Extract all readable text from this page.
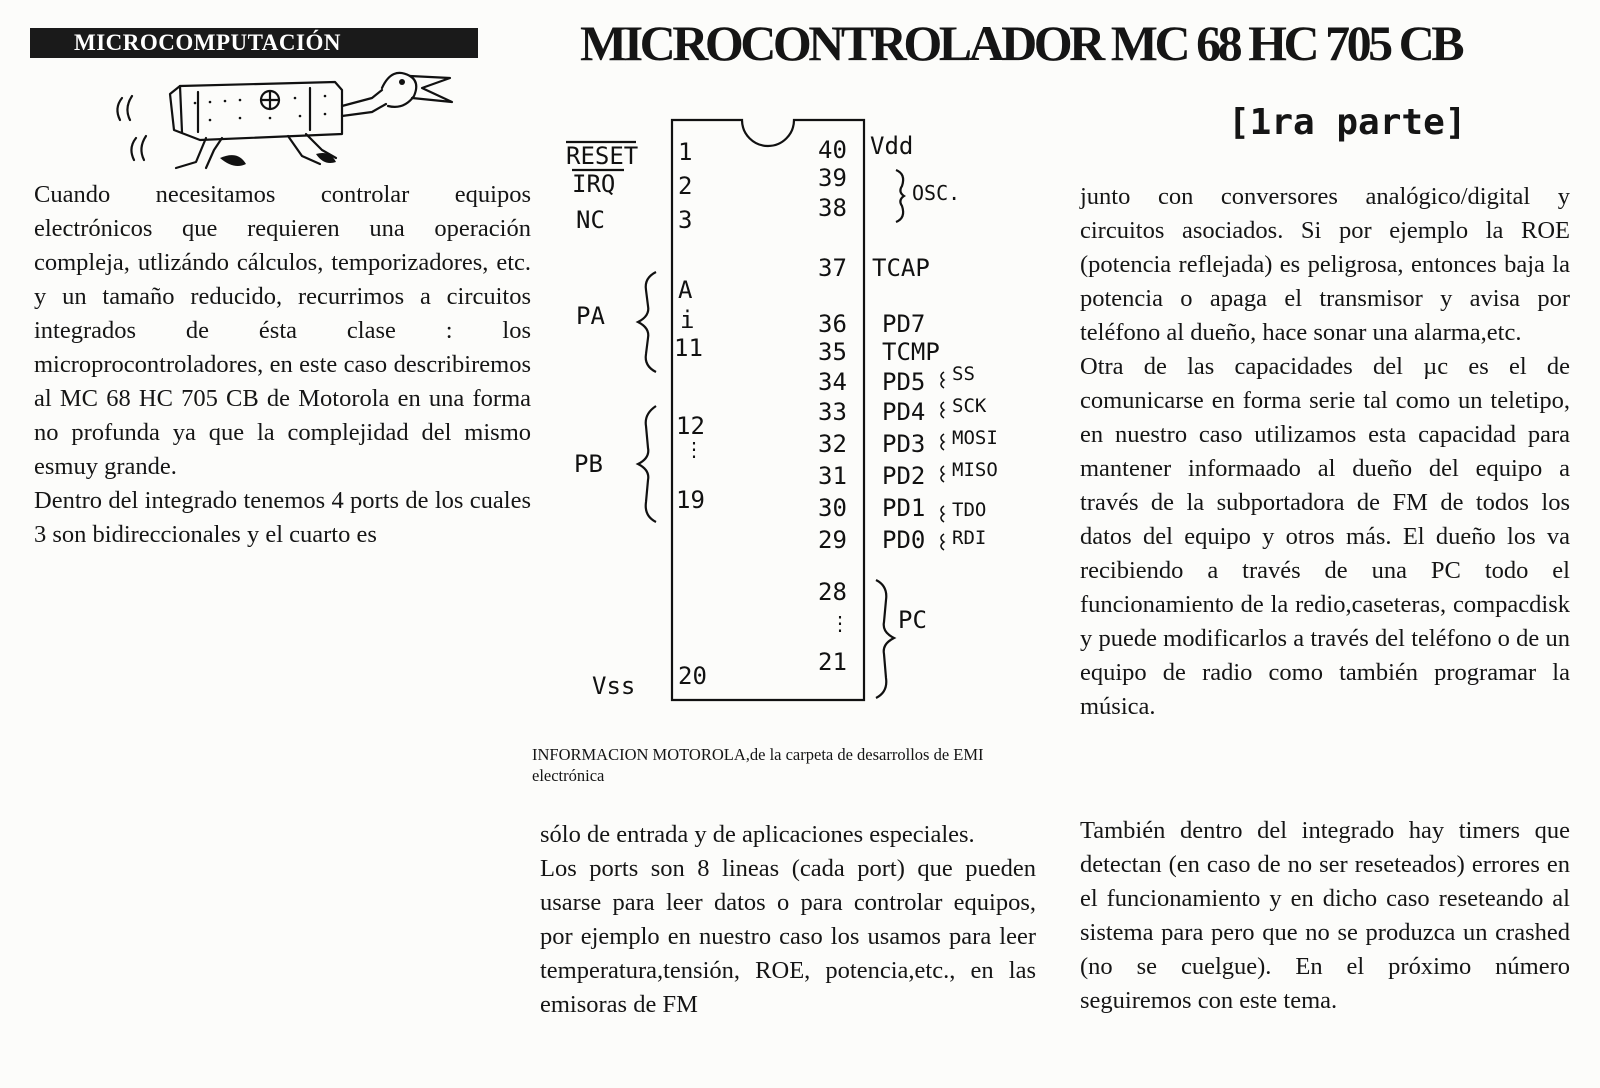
MICROCOMPUTACIÓN	MICROCONTROLADOR MC 68 HC 705 CB
[1ra parte]

Cuando necesitamos controlar equipos electrónicos que requieren una operación compleja, utlizándo cálculos, temporizadores, etc. y un tamaño reducido, recurrimos a circuitos integrados de ésta clase : los microprocontroladores, en este caso describiremos al MC 68 HC 705 CB de Motorola en una forma no profunda ya que la complejidad del mismo esmuy grande.

Dentro del integrado tenemos 4 ports de los cuales 3 son bidireccionales y el cuarto es

RESET
IRQ
NC
PA
PB
Vss
1
2
3
A
i
11
12
⋮
19
20
40
39
38
37
36
35
34
33
32
31
30
29
28
⋮
21
Vdd
OSC.
TCAP
PD7
TCMP
PD5
PD4
PD3
PD2
PD1
PD0
PC
SS
SCK
MOSI
MISO
TDO
RDI
INFORMACION MOTOROLA,de la carpeta de desarrollos de EMI electrónica

sólo de entrada y de aplicaciones especiales.

Los ports son 8 lineas (cada port) que pueden usarse para leer datos o para controlar equipos, por ejemplo en nuestro caso los usamos para leer temperatura,tensión, ROE, potencia,etc., en las emisoras de FM

junto con conversores analógico/digital y circuitos asociados. Si por ejemplo la ROE (potencia reflejada) es peligrosa, entonces baja la potencia o apaga el transmisor y avisa por teléfono al dueño, hace sonar una alarma,etc.

Otra de las capacidades del µc es el de comunicarse en forma serie tal como un teletipo, en nuestro caso utilizamos esta capacidad para mantener informaado al dueño del equipo a través de la subportadora de FM de todos los datos del equipo y otros más. El dueño los va recibiendo a través de una PC todo el funcionamiento de la redio,caseteras, compacdisk y puede modificarlos a través del teléfono o de un equipo de radio como también programar la música.

También dentro del integrado hay timers que detectan (en caso de no ser reseteados) errores en el funcionamiento y en dicho caso reseteando al sistema para pero que no se produzca un crashed (no se cuelgue). En el próximo número seguiremos con este tema.
